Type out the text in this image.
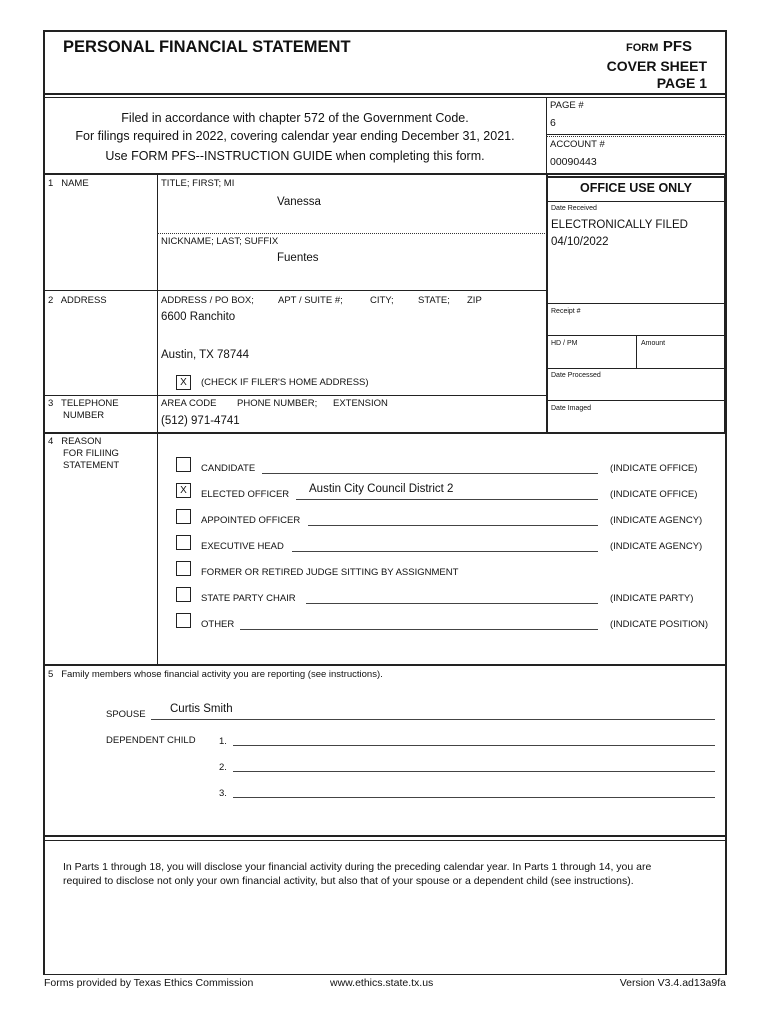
PERSONAL FINANCIAL STATEMENT	FORM PFS
COVER SHEET
PAGE 1
Filed in accordance with chapter 572 of the Government Code.
For filings required in 2022, covering calendar year ending December 31, 2021.
Use FORM PFS--INSTRUCTION GUIDE when completing this form.
PAGE #
6
ACCOUNT #
00090443
1 NAME	TITLE; FIRST; MI
Vanessa
NICKNAME; LAST; SUFFIX
Fuentes
OFFICE USE ONLY
Date Received
ELECTRONICALLY FILED
04/10/2022
Receipt #
HD / PM	Amount
Date Processed
Date Imaged
2 ADDRESS	ADDRESS / PO BOX;	APT / SUITE #;	CITY;	STATE; ZIP
6600 Ranchito
Austin, TX 78744
X	(CHECK IF FILER'S HOME ADDRESS)
3 TELEPHONE
NUMBER
AREA CODE PHONE NUMBER; EXTENSION
(512) 971-4741
4 REASON
FOR FILIING
STATEMENT	CANDIDATE	(INDICATE OFFICE)
X	ELECTED OFFICER Austin City Council District 2	(INDICATE OFFICE)
APPOINTED OFFICER	(INDICATE AGENCY)
EXECUTIVE HEAD	(INDICATE AGENCY)
FORMER OR RETIRED JUDGE SITTING BY ASSIGNMENT
STATE PARTY CHAIR	(INDICATE PARTY)
OTHER	(INDICATE POSITION)
5 Family members whose financial activity you are reporting (see instructions).
SPOUSE Curtis Smith
DEPENDENT CHILD 1.
2.
3.
In Parts 1 through 18, you will disclose your financial activity during the preceding calendar year. In Parts 1 through 14, you are
required to disclose not only your own financial activity, but also that of your spouse or a dependent child (see instructions).
Forms provided by Texas Ethics Commission	www.ethics.state.tx.us	Version V3.4.ad13a9fa
